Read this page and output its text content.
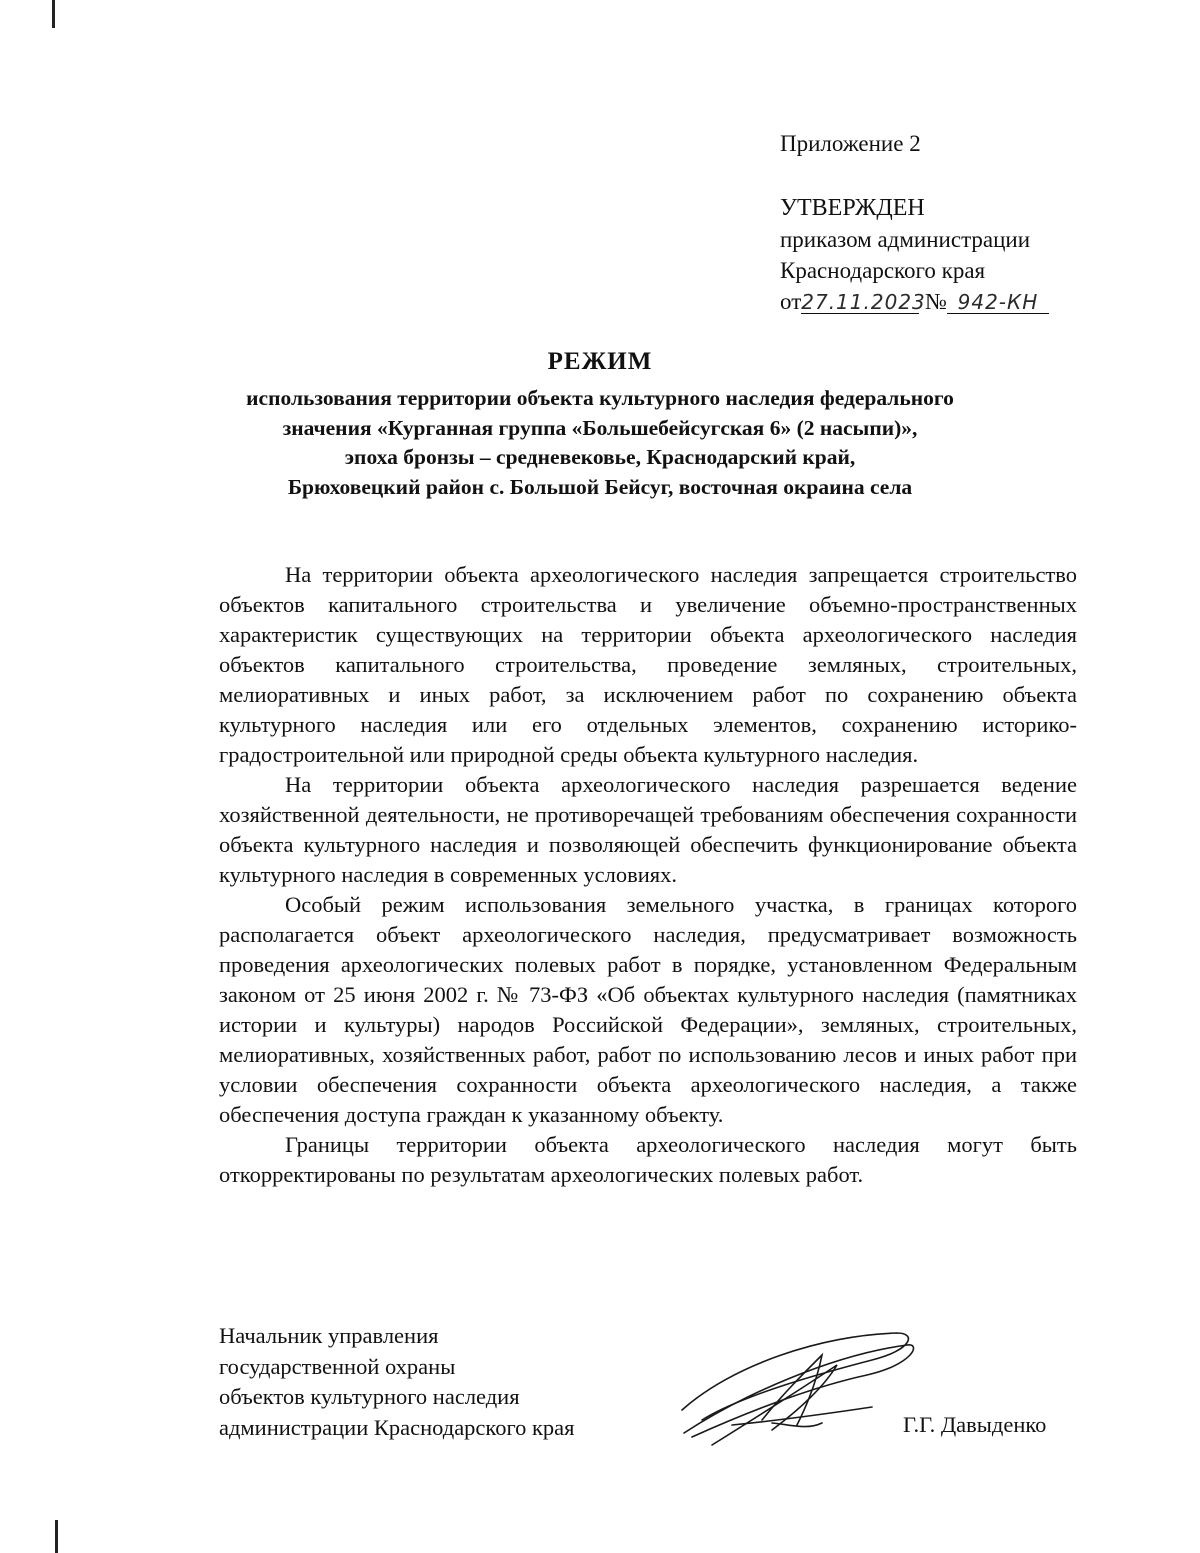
Приложение 2
УТВЕРЖДЕН
приказом администрации
Краснодарского края
от27.11.2023 № 942-КН
РЕЖИМ
использования территории объекта культурного наследия федерального
значения «Курганная группа «Большебейсугская 6» (2 насыпи)»,
эпоха бронзы – средневековье, Краснодарский край,
Брюховецкий район с. Большой Бейсуг, восточная окраина села

На территории объекта археологического наследия запрещается строительство объектов капитального строительства и увеличение объемно-пространственных характеристик существующих на территории объекта археологического наследия объектов капитального строительства, проведение земляных, строительных, мелиоративных и иных работ, за исключением работ по сохранению объекта культурного наследия или его отдельных элементов, сохранению историко-градостроительной или природной среды объекта культурного наследия.

На территории объекта археологического наследия разрешается ведение хозяйственной деятельности, не противоречащей требованиям обеспечения сохранности объекта культурного наследия и позволяющей обеспечить функционирование объекта культурного наследия в современных условиях.

Особый режим использования земельного участка, в границах которого располагается объект археологического наследия, предусматривает возможность проведения археологических полевых работ в порядке, установленном Федеральным законом от 25 июня 2002 г. № 73-ФЗ «Об объектах культурного наследия (памятниках истории и культуры) народов Российской Федерации», земляных, строительных, мелиоративных, хозяйственных работ, работ по использованию лесов и иных работ при условии обеспечения сохранности объекта археологического наследия, а также обеспечения доступа граждан к указанному объекту.

Границы территории объекта археологического наследия могут быть откорректированы по результатам археологических полевых работ.

Начальник управления
государственной охраны
объектов культурного наследия
администрации Краснодарского края	Г.Г. Давыденко
